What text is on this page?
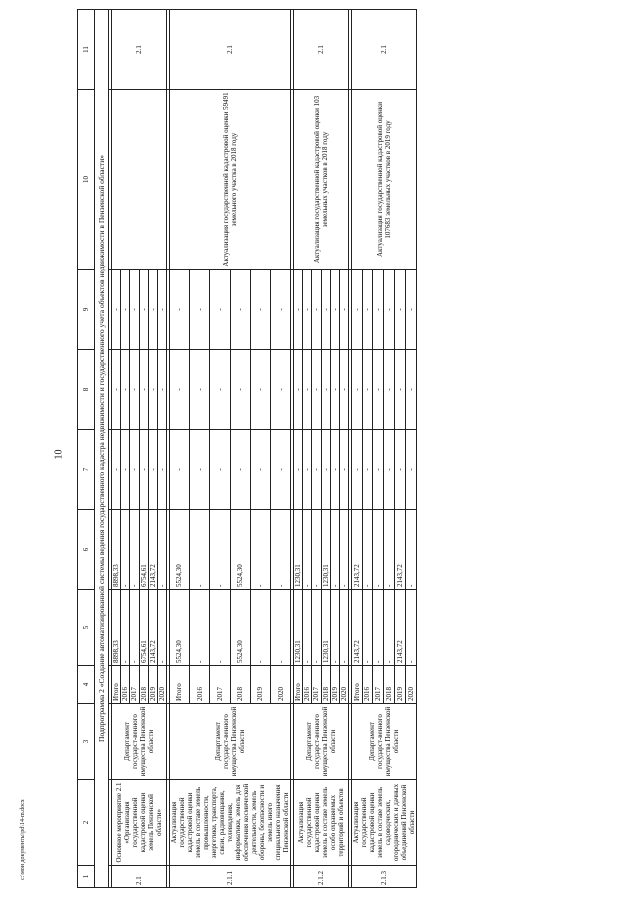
10
c:\мои документы\pd\14-m.docx	1	2	3	4	5	6	7	8	9	10	11
Подпрограмма 2 «Создание автоматизированной системы ведения государственного кадастра недвижимости и государственного учета объектов недвижимости в Пензенской области»										

2.1	Основное мероприятие 2.1 «Организация государственной кадастровой оценки земель Пензенской области»	Департамент государст-венного имущества Пензенской области	Итого	8898,33	8898,33	-	-	-		2.1
			2016	-	-	-	-	-		
			2017	-	-	-	-	-		
			2018	6754,61	6754,61	-	-	-		
			2019	2143,72	2143,72	-	-	-		
			2020	-	-	-	-	-		

2.1.1	Актуализация государственной кадастровой оценки земель в составе земель промышленности, энергетики, транспорта, связи, радиовещания, телевидения, информатики, земель для обеспечения космической деятельности, земель обороны, безопасности и земель иного специального назначения Пензенской области	Департамент государст-венного имущества Пензенской области	Итого	5524,30	5524,30	-	-	-	Актуализация государственной кадастровой оценки 59491 земельного участка в 2018 году	2.1
			2016	-	-	-	-	-		
			2017	-	-	-	-	-		
			2018	5524,30	5524,30	-	-	-		
			2019	-	-	-	-	-		
			2020	-	-	-	-	-		

2.1.2	Актуализация государственной кадастровой оценки земель в составе земель особо охраняемых территорий и объектов	Департамент государст-венного имущества Пензенской области	Итого	1230,31	1230,31	-	-	-	Актуализация государственной кадастровой оценки 103 земельных участков в 2018 году	2.1
			2016	-	-	-	-	-		
			2017	-	-	-	-	-		
			2018	1230,31	1230,31	-	-	-		
			2019	-	-	-	-	-		
			2020	-	-	-	-	-		

2.1.3	Актуализация государственной кадастровой оценки земель в составе земель садоводческих, огороднических и дачных объединений Пензенской области	Департамент государст-венного имущества Пензенской области	Итого	2143,72	2143,72	-	-	-	Актуализация государственной кадастровой оценки 107683 земельных участков в 2019 году	2.1
			2016	-	-	-	-	-		
			2017	-	-	-	-	-		
			2018	-	-	-	-	-		
			2019	2143,72	2143,72	-	-	-		
			2020	-	-	-	-	-		
